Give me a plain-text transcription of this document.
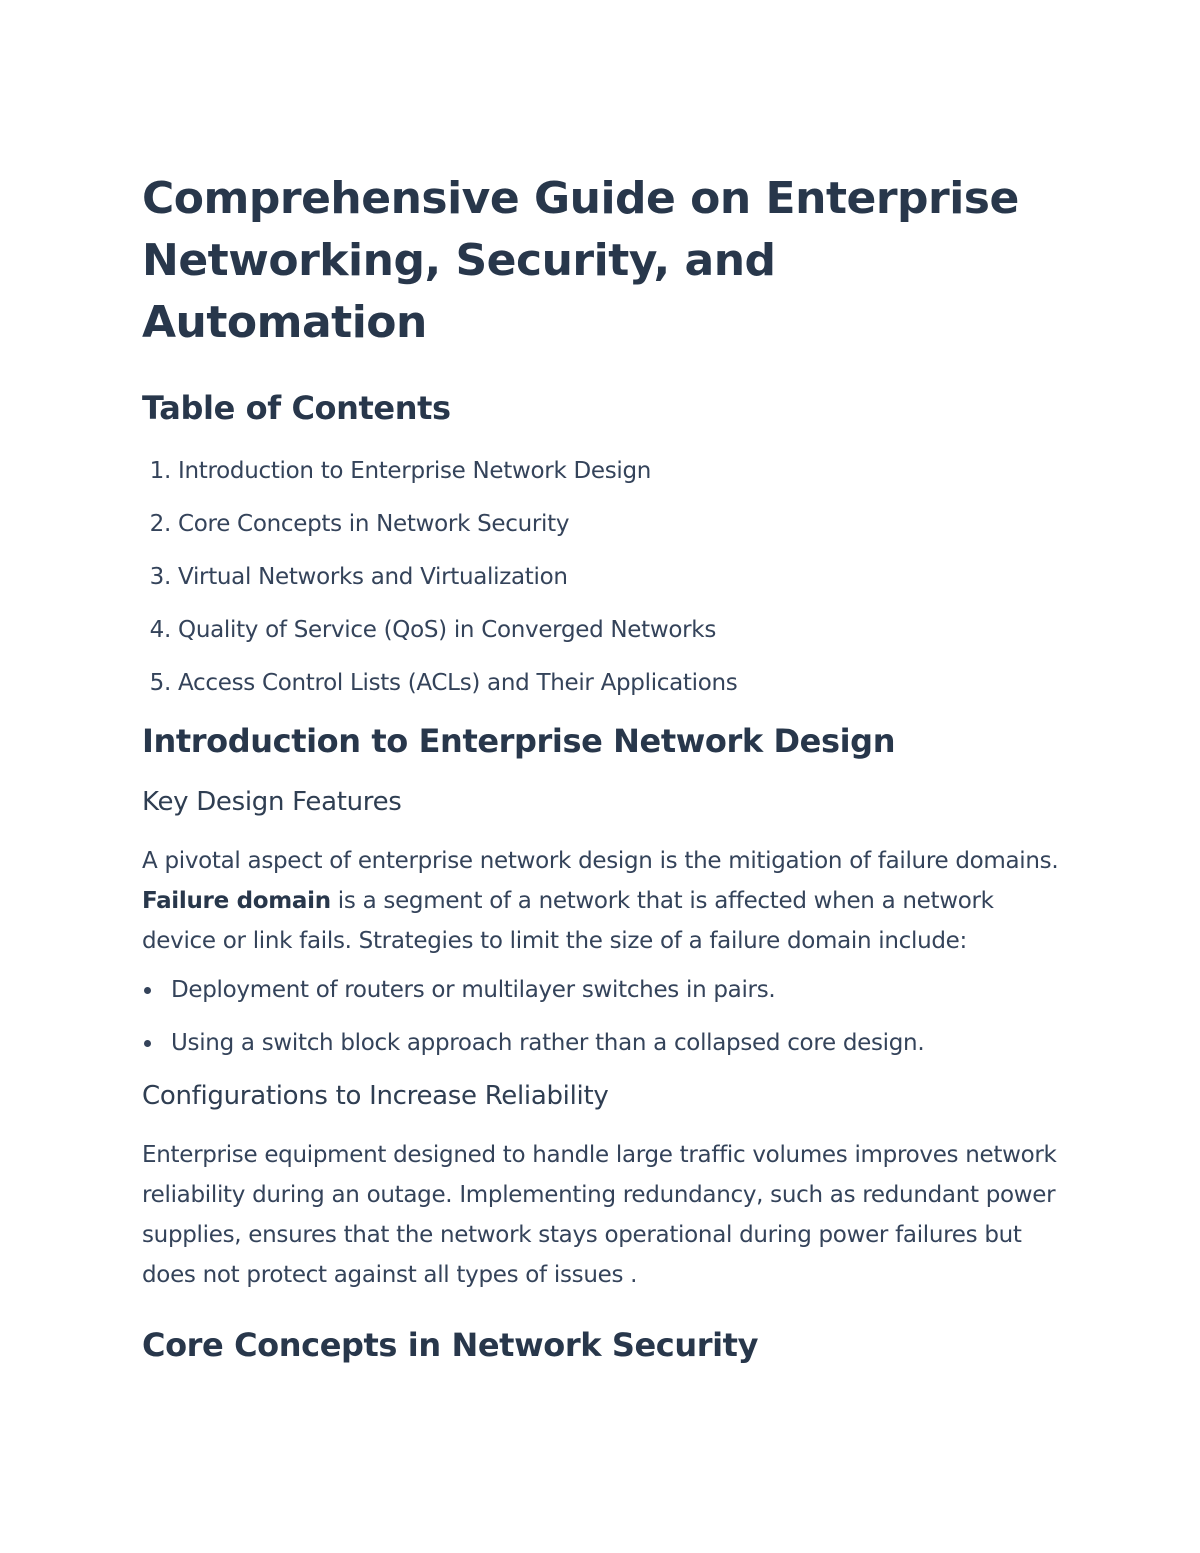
Comprehensive Guide on Enterprise Networking, Security, and Automation
Table of Contents
1. Introduction to Enterprise Network Design
2. Core Concepts in Network Security
3. Virtual Networks and Virtualization
4. Quality of Service (QoS) in Converged Networks
5. Access Control Lists (ACLs) and Their Applications
Introduction to Enterprise Network Design
Key Design Features

A pivotal aspect of enterprise network design is the mitigation of failure domains. Failure domain is a segment of a network that is affected when a network device or link fails. Strategies to limit the size of a failure domain include:

Deployment of routers or multilayer switches in pairs.
Using a switch block approach rather than a collapsed core design.
Configurations to Increase Reliability

Enterprise equipment designed to handle large traffic volumes improves network reliability during an outage. Implementing redundancy, such as redundant power supplies, ensures that the network stays operational during power failures but does not protect against all types of issues .

Core Concepts in Network Security
